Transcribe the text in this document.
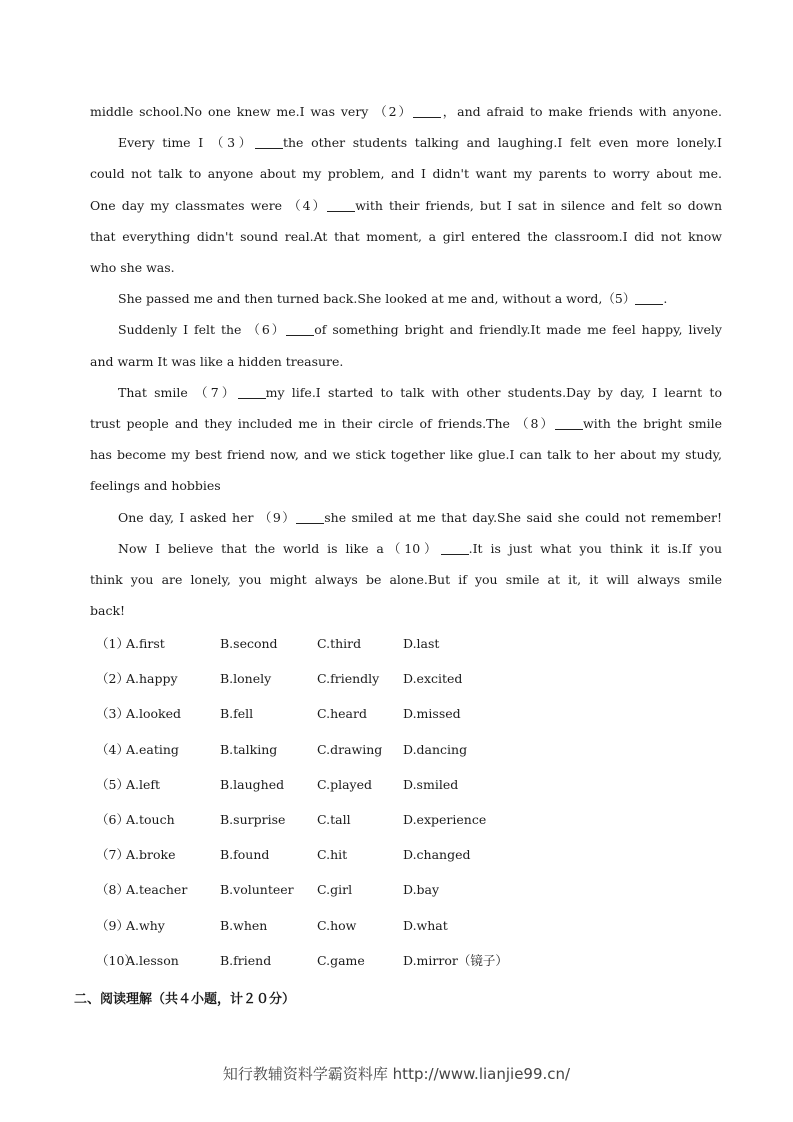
middle school.No one knew me.I was very （2） ，and afraid to make friends with anyone.
Every time I （3） the other students talking and laughing.I felt even more lonely.I
could not talk to anyone about my problem, and I didn't want my parents to worry about me.
One day my classmates were （4） with their friends, but I sat in silence and felt so down
that everything didn't sound real.At that moment, a girl entered the classroom.I did not know
who she was.
She passed me and then turned back.She looked at me and, without a word,（5） .
Suddenly I felt the （6） of something bright and friendly.It made me feel happy, lively
and warm It was like a hidden treasure.
That smile （7） my life.I started to talk with other students.Day by day, I learnt to
trust people and they included me in their circle of friends.The （8） with the bright smile
has become my best friend now, and we stick together like glue.I can talk to her about my study,
feelings and hobbies
One day, I asked her （9） she smiled at me that day.She said she could not remember!
Now I believe that the world is like a（10） .It is just what you think it is.If you
think you are lonely, you might always be alone.But if you smile at it, it will always smile
back!
（1）
A.first	B.second	C.third	D.last
（2）
A.happy	B.lonely	C.friendly D.excited
（3）
A.looked	B.fell	C.heard	D.missed
（4）
A.eating	B.talking	C.drawing D.dancing
（5）
A.left	B.laughed	C.played D.smiled
（6）
A.touch	B.surprise	C.tall	D.experience
（7）
A.broke	B.found	C.hit	D.changed
（8）
A.teacher	B.volunteer C.girl	D.bay
（9）
A.why	B.when	C.how	D.what
（10）
A.lesson	B.friend	C.game	D.mirror（镜子）
二、阅读理解（共４小题，计２０分）
知行教辅资料学霸资料库 http://www.lianjie99.cn/
